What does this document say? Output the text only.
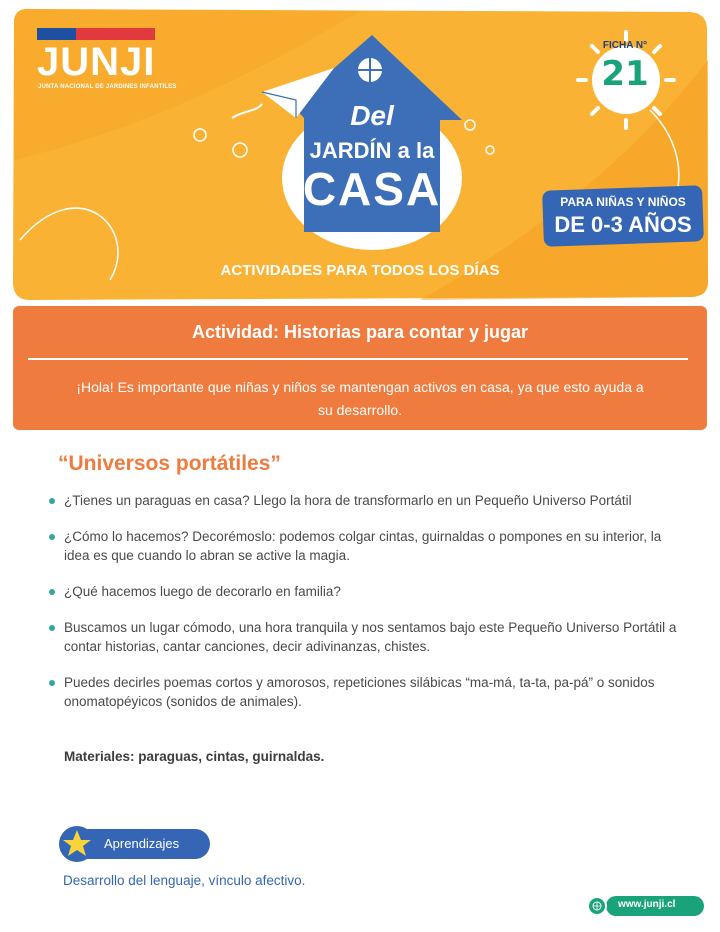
JUNJI
JUNTA NACIONAL DE JARDINES INFANTILES
Del
JARDÍN a la
CASA
FICHA N°
21
PARA NIÑAS Y NIÑOS
DE 0-3 AÑOS
ACTIVIDADES PARA TODOS LOS DÍAS
Actividad: Historias para contar y jugar
¡Hola! Es importante que niñas y niños se mantengan activos en casa, ya que esto ayuda a su desarrollo.
“Universos portátiles”
¿Tienes un paraguas en casa? Llego la hora de transformarlo en un Pequeño Universo Portátil
¿Cómo lo hacemos? Decorémoslo: podemos colgar cintas, guirnaldas o pompones en su interior, la idea es que cuando lo abran se active la magia.
¿Qué hacemos luego de decorarlo en familia?
Buscamos un lugar cómodo, una hora tranquila y nos sentamos bajo este Pequeño Universo Portátil a contar historias, cantar canciones, decir adivinanzas, chistes.
Puedes decirles poemas cortos y amorosos, repeticiones silábicas “ma-má, ta-ta, pa-pá” o sonidos onomatopéyicos (sonidos de animales).
Materiales: paraguas, cintas, guirnaldas.
Aprendizajes
Desarrollo del lenguaje, vínculo afectivo.
www.junji.cl
